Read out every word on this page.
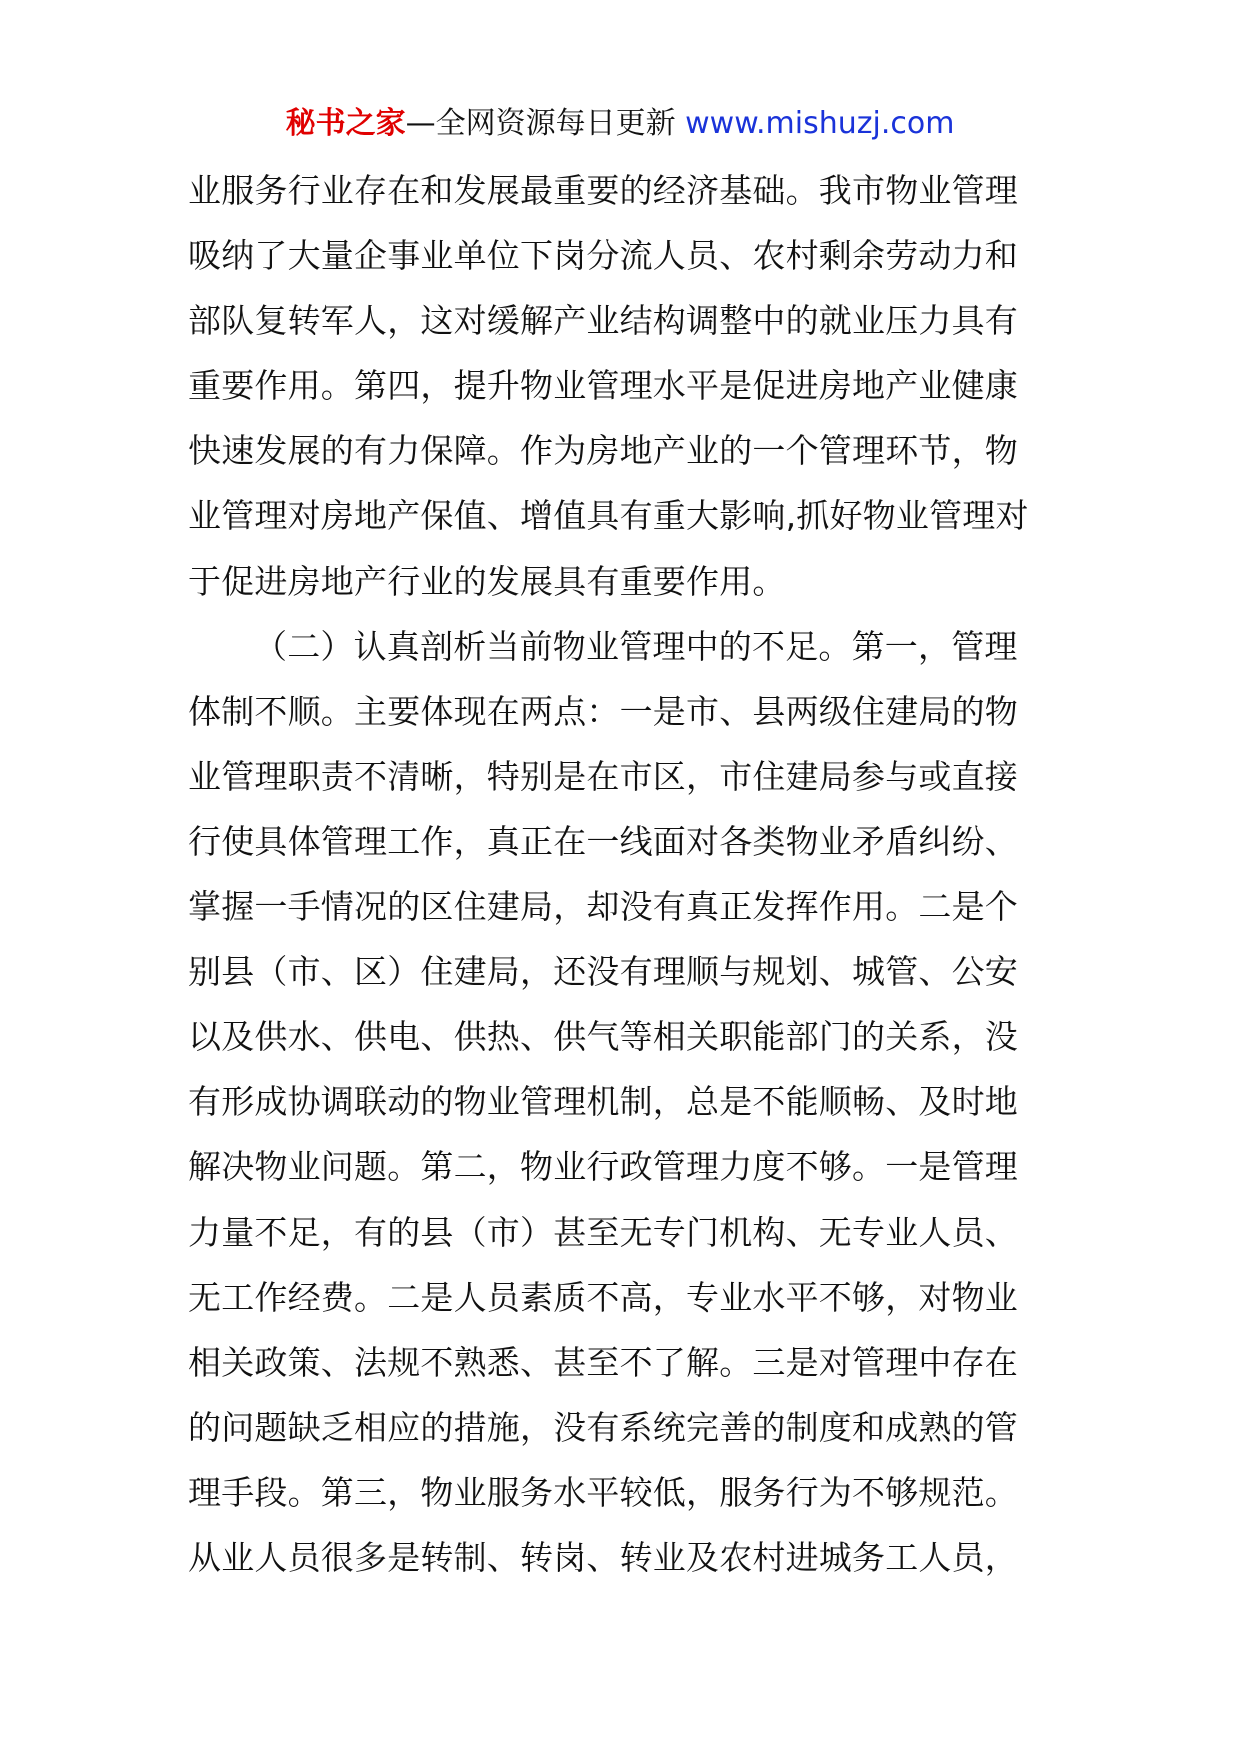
秘书之家—全网资源每日更新 www.mishuzj.com
业服务行业存在和发展最重要的经济基础。我市物业管理
吸纳了大量企事业单位下岗分流人员、农村剩余劳动力和
部队复转军人，这对缓解产业结构调整中的就业压力具有
重要作用。第四，提升物业管理水平是促进房地产业健康
快速发展的有力保障。作为房地产业的一个管理环节，物
业管理对房地产保值、增值具有重大影响,抓好物业管理对
于促进房地产行业的发展具有重要作用。
（二）认真剖析当前物业管理中的不足。第一，管理
体制不顺。主要体现在两点：一是市、县两级住建局的物
业管理职责不清晰，特别是在市区，市住建局参与或直接
行使具体管理工作，真正在一线面对各类物业矛盾纠纷、
掌握一手情况的区住建局，却没有真正发挥作用。二是个
别县（市、区）住建局，还没有理顺与规划、城管、公安
以及供水、供电、供热、供气等相关职能部门的关系，没
有形成协调联动的物业管理机制，总是不能顺畅、及时地
解决物业问题。第二，物业行政管理力度不够。一是管理
力量不足，有的县（市）甚至无专门机构、无专业人员、
无工作经费。二是人员素质不高，专业水平不够，对物业
相关政策、法规不熟悉、甚至不了解。三是对管理中存在
的问题缺乏相应的措施，没有系统完善的制度和成熟的管
理手段。第三，物业服务水平较低，服务行为不够规范。
从业人员很多是转制、转岗、转业及农村进城务工人员，
